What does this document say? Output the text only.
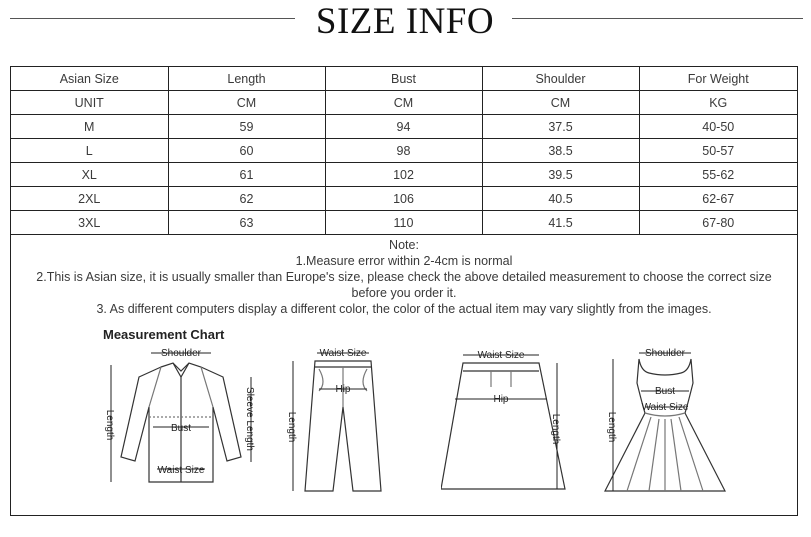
SIZE INFO
Asian Size	Length	Bust	Shoulder	For Weight
UNIT	CM	CM	CM	KG
M	59	94	37.5	40-50
L	60	98	38.5	50-57
XL	61	102	39.5	55-62
2XL	62	106	40.5	62-67
3XL	63	110	41.5	67-80

Note:

1.Measure error within 2-4cm is normal

2.This is Asian size, it is usually smaller than Europe's size, please check the above detailed measurement to choose the correct size

before you order it.

3. As different computers display a different color, the color of the actual item may vary slightly from the images.

Measurement Chart
Shoulder
Bust
Waist Size
Length	Sleeve Length
Waist Size
Hip
Length
Waist Size
Hip
Length
Shoulder
Bust
Waist Size
Length
